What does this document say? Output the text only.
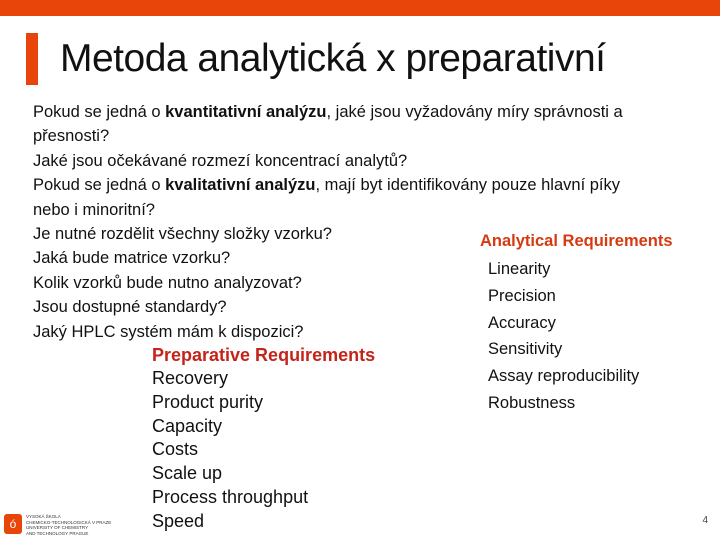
Metoda analytická x preparativní
Pokud se jedná o kvantitativní analýzu, jaké jsou vyžadovány míry správnosti a
přesnosti?
Jaké jsou očekávané rozmezí koncentrací analytů?
Pokud se jedná o kvalitativní analýzu, mají byt identifikovány pouze hlavní píky
nebo i minoritní?
Je nutné rozdělit všechny složky vzorku?
Jaká bude matrice vzorku?
Kolik vzorků bude nutno analyzovat?
Jsou dostupné standardy?
Jaký HPLC systém mám k dispozici?
Analytical Requirements
Linearity
Precision
Accuracy
Sensitivity
Assay reproducibility
Robustness
Preparative Requirements
Recovery
Product purity
Capacity
Costs
Scale up
Process throughput
Speed
ó
VYSOKÁ ŠKOLA
CHEMICKO-TECHNOLOGICKÁ V PRAZE
UNIVERSITY OF CHEMISTRY
AND TECHNOLOGY PRAGUE
4
